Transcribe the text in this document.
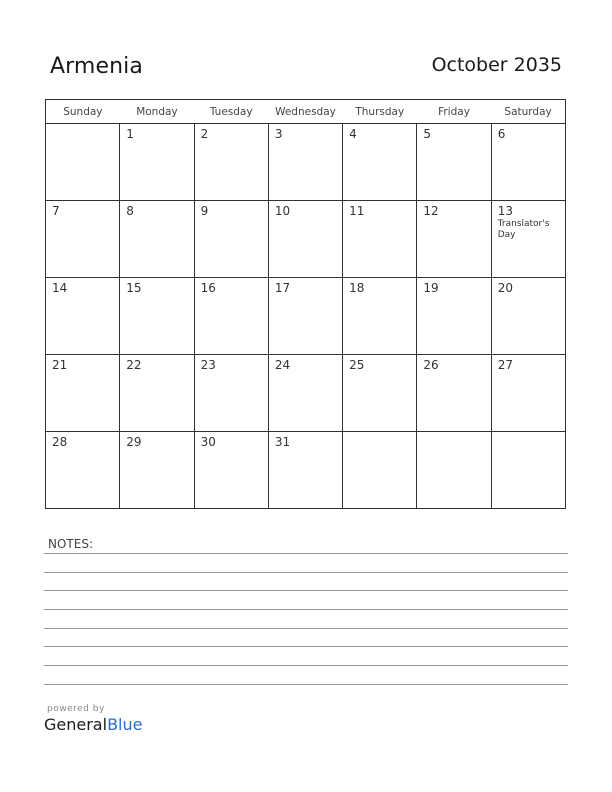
Armenia	October 2035
Sunday	Monday	Tuesday	Wednesday	Thursday	Friday	Saturday

	1	2	3	4	5	6

7	8	9	10	11	12	13
Translator's Day

14	15	16	17	18	19	20

21	22	23	24	25	26	27

28	29	30	31			

NOTES:
powered by
GeneralBlue
